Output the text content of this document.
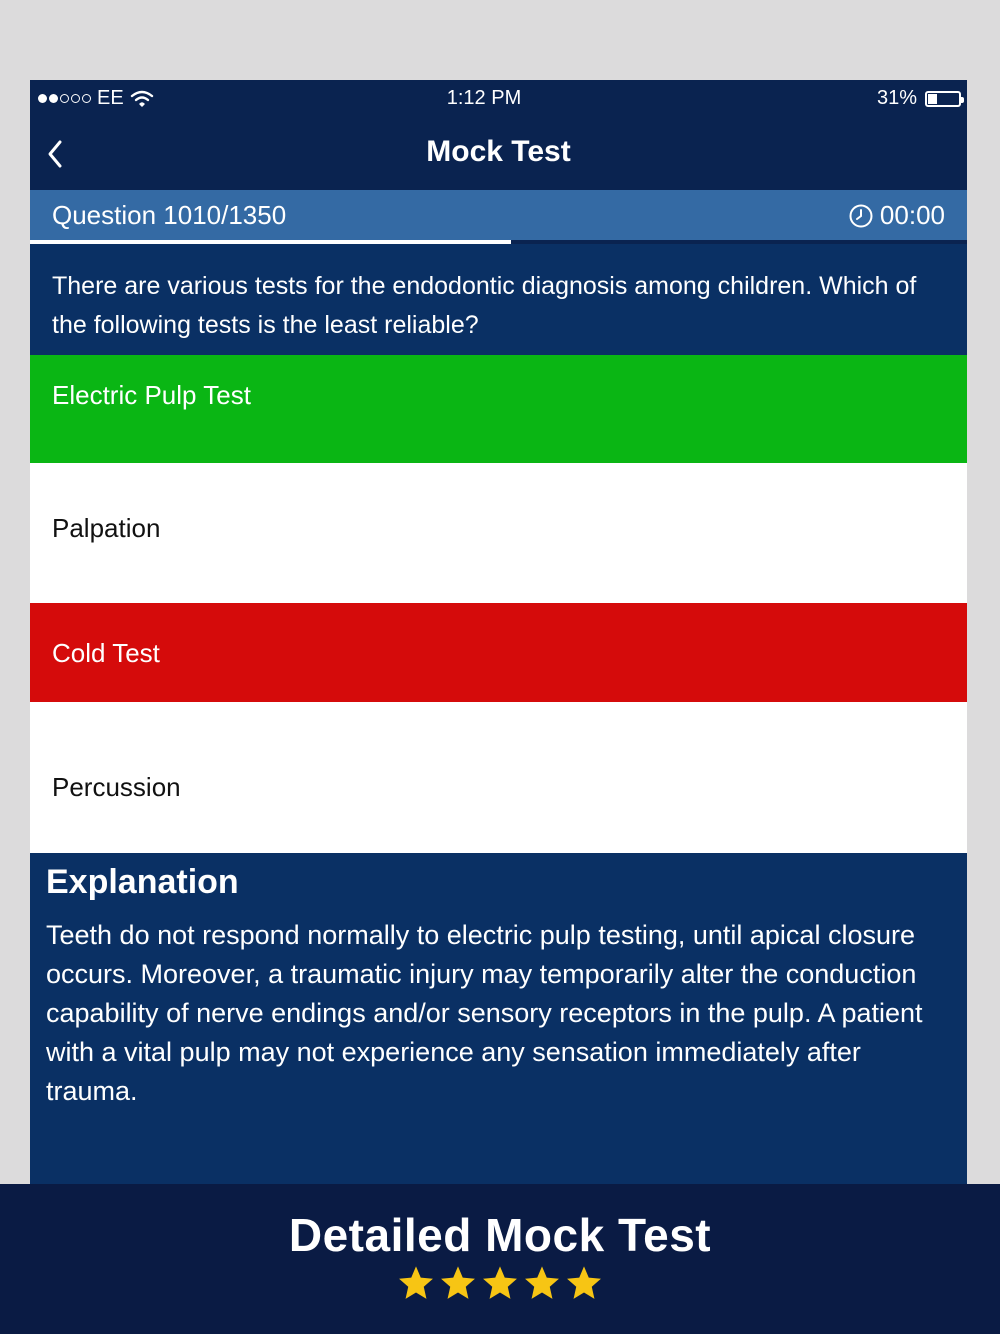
EE	1:12 PM	31%
Mock Test
Question 1010/1350	00:00
There are various tests for the endodontic diagnosis among children. Which of the following tests is the least reliable?
Electric Pulp Test
Palpation
Cold Test
Percussion
Explanation
Teeth do not respond normally to electric pulp testing, until apical closure occurs. Moreover, a traumatic injury may temporarily alter the conduction capability of nerve endings and/or sensory receptors in the pulp. A patient with a vital pulp may not experience any sensation immediately after trauma.
Detailed Mock Test
